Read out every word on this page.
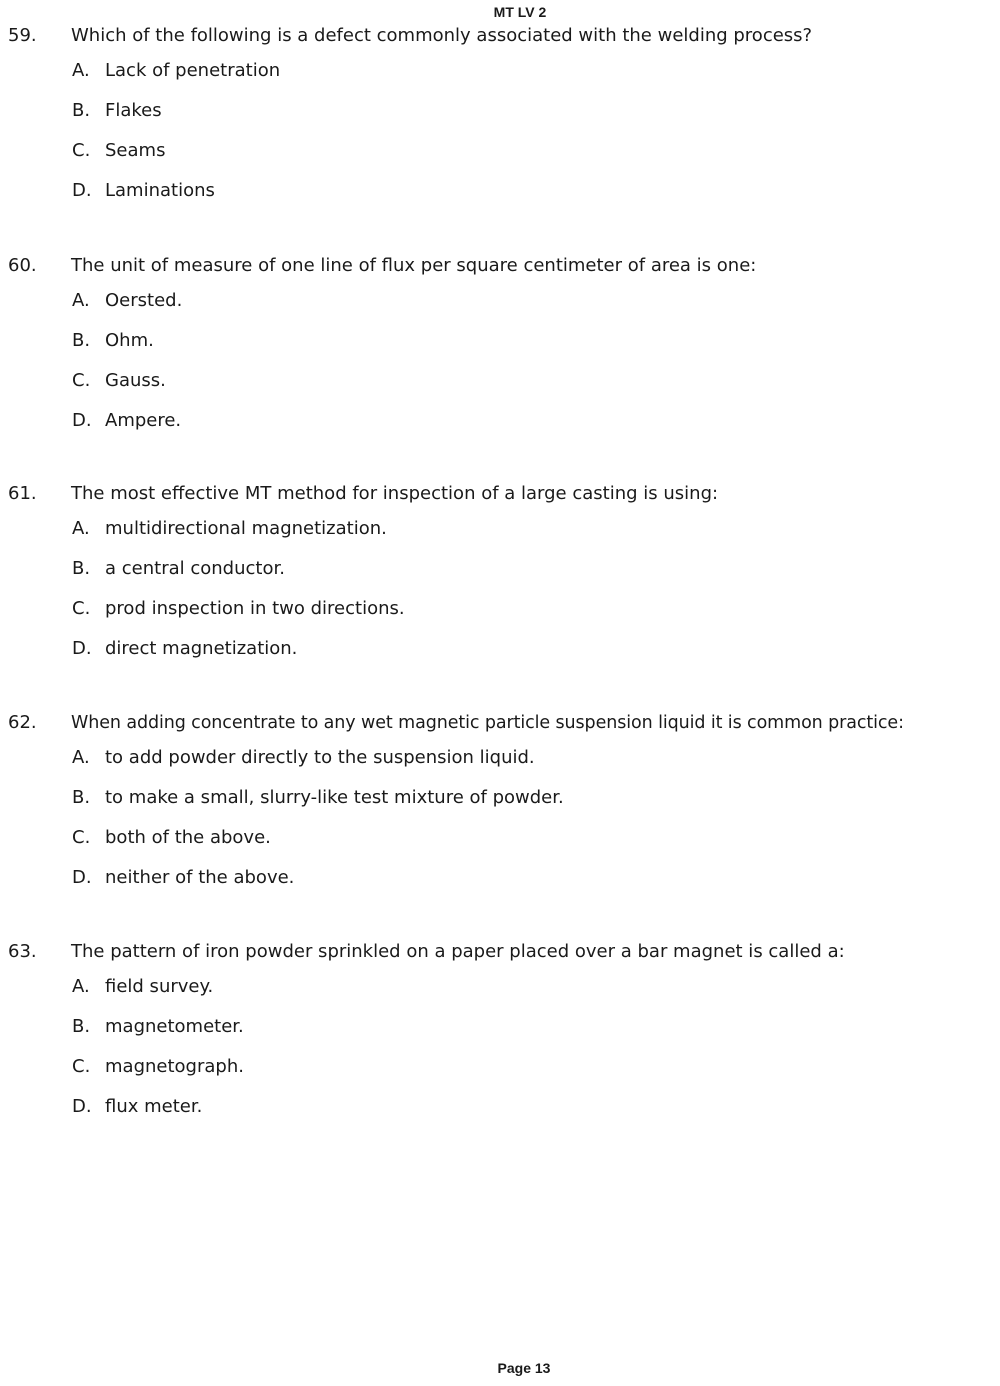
MT LV 2
59. Which of the following is a defect commonly associated with the welding process?
A. Lack of penetration
B. Flakes
C. Seams
D. Laminations
60. The unit of measure of one line of flux per square centimeter of area is one:
A. Oersted.
B. Ohm.
C. Gauss.
D. Ampere.
61. The most effective MT method for inspection of a large casting is using:
A. multidirectional magnetization.
B. a central conductor.
C. prod inspection in two directions.
D. direct magnetization.
62. When adding concentrate to any wet magnetic particle suspension liquid it is common practice:
A. to add powder directly to the suspension liquid.
B. to make a small, slurry-like test mixture of powder.
C. both of the above.
D. neither of the above.
63. The pattern of iron powder sprinkled on a paper placed over a bar magnet is called a:
A. field survey.
B. magnetometer.
C. magnetograph.
D. flux meter.
Page 13
